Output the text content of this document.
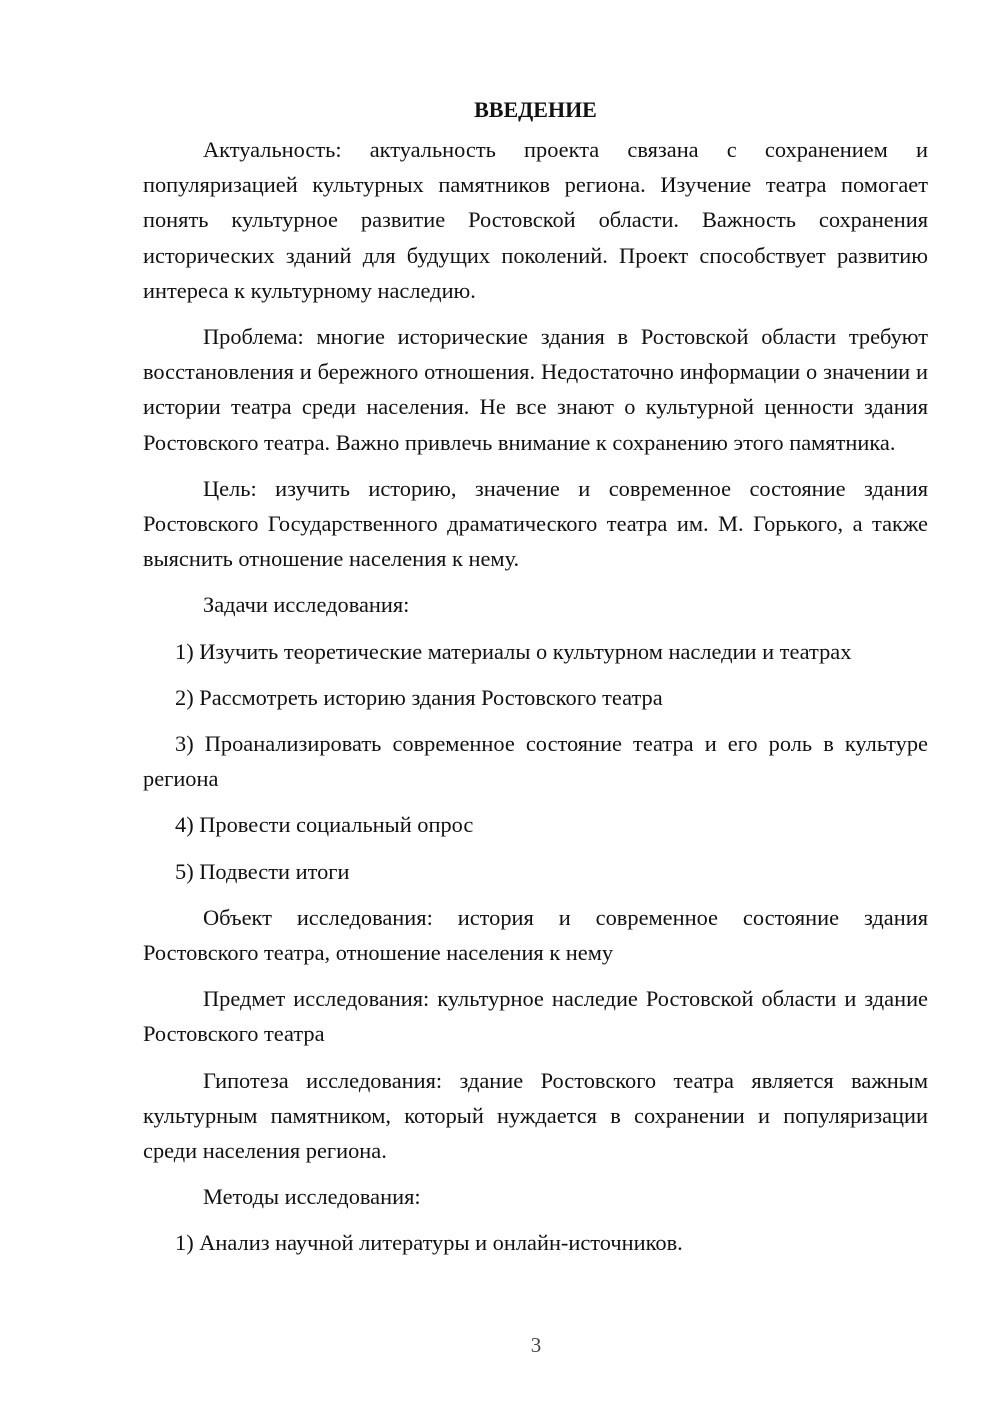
ВВЕДЕНИЕ

Актуальность: актуальность проекта связана с сохранением и популяризацией культурных памятников региона. Изучение театра помогает понять культурное развитие Ростовской области. Важность сохранения исторических зданий для будущих поколений. Проект способствует развитию интереса к культурному наследию.

Проблема: многие исторические здания в Ростовской области требуют восстановления и бережного отношения. Недостаточно информации о значении и истории театра среди населения. Не все знают о культурной ценности здания Ростовского театра. Важно привлечь внимание к сохранению этого памятника.

Цель: изучить историю, значение и современное состояние здания Ростовского Государственного драматического театра им. М. Горького, а также выяснить отношение населения к нему.

Задачи исследования:

1) Изучить теоретические материалы о культурном наследии и театрах

2) Рассмотреть историю здания Ростовского театра

3) Проанализировать современное состояние театра и его роль в культуре региона

4) Провести социальный опрос

5) Подвести итоги

Объект исследования: история и современное состояние здания Ростовского театра, отношение населения к нему

Предмет исследования: культурное наследие Ростовской области и здание Ростовского театра

Гипотеза исследования: здание Ростовского театра является важным культурным памятником, который нуждается в сохранении и популяризации среди населения региона.

Методы исследования:

1) Анализ научной литературы и онлайн-источников.

3
